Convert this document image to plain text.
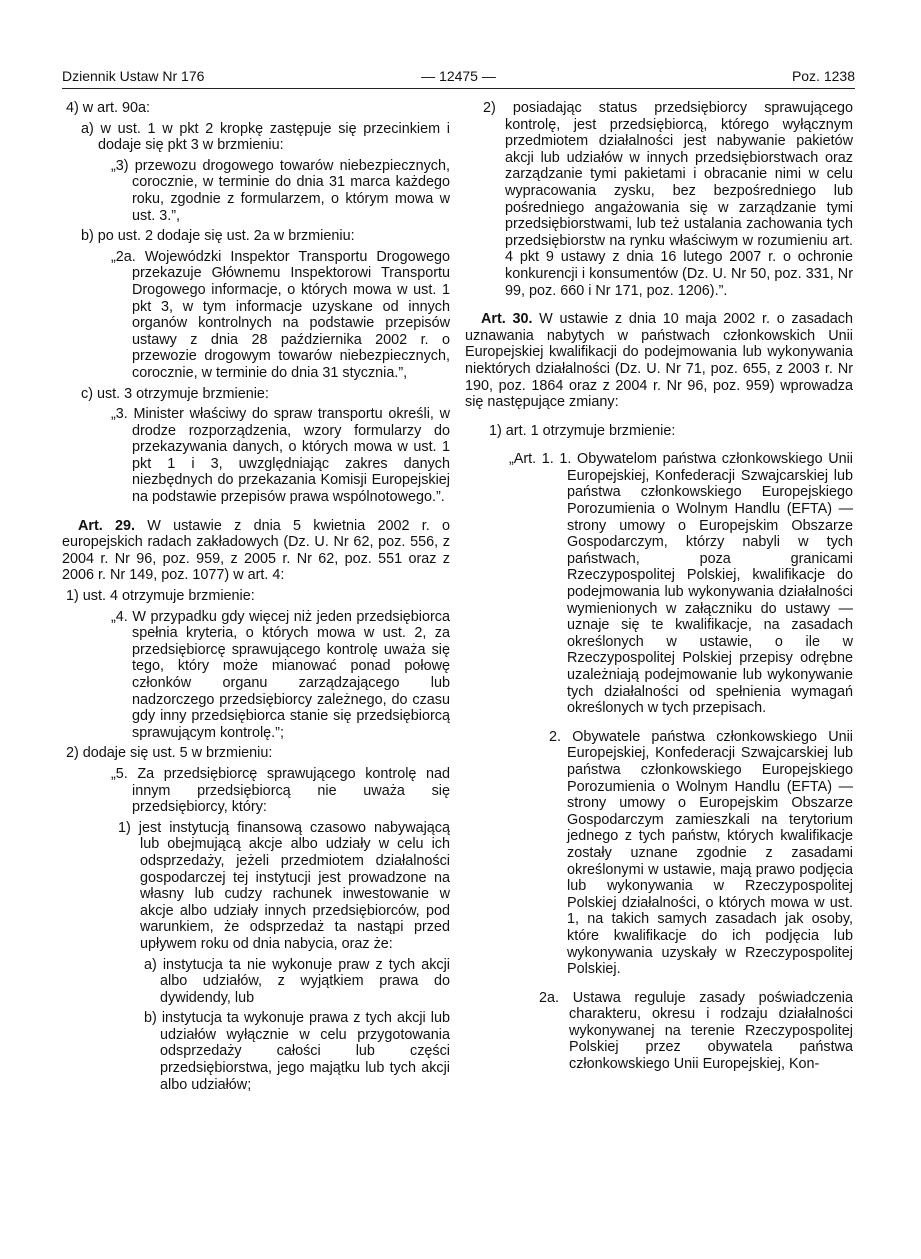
Dziennik Ustaw Nr 176	— 12475 —	Poz. 1238

4) w art. 90a:

a) w ust. 1 w pkt 2 kropkę zastępuje się przecinkiem i dodaje się pkt 3 w brzmieniu:

„3) przewozu drogowego towarów niebezpiecznych, corocznie, w terminie do dnia 31 marca każdego roku, zgodnie z formularzem, o którym mowa w ust. 3.”,

b) po ust. 2 dodaje się ust. 2a w brzmieniu:

„2a. Wojewódzki Inspektor Transportu Drogowego przekazuje Głównemu Inspektorowi Transportu Drogowego informacje, o których mowa w ust. 1 pkt 3, w tym informacje uzyskane od innych organów kontrolnych na podstawie przepisów ustawy z dnia 28 października 2002 r. o przewozie drogowym towarów niebezpiecznych, corocznie, w terminie do dnia 31 stycznia.”,

c) ust. 3 otrzymuje brzmienie:

„3. Minister właściwy do spraw transportu określi, w drodze rozporządzenia, wzory formularzy do przekazywania danych, o których mowa w ust. 1 pkt 1 i 3, uwzględniając zakres danych niezbędnych do przekazania Komisji Europejskiej na podstawie przepisów prawa wspólnotowego.”.

Art. 29. W ustawie z dnia 5 kwietnia 2002 r. o europejskich radach zakładowych (Dz. U. Nr 62, poz. 556, z 2004 r. Nr 96, poz. 959, z 2005 r. Nr 62, poz. 551 oraz z 2006 r. Nr 149, poz. 1077) w art. 4:

1) ust. 4 otrzymuje brzmienie:

„4. W przypadku gdy więcej niż jeden przedsiębiorca spełnia kryteria, o których mowa w ust. 2, za przedsiębiorcę sprawującego kontrolę uważa się tego, który może mianować ponad połowę członków organu zarządzającego lub nadzorczego przedsiębiorcy zależnego, do czasu gdy inny przedsiębiorca stanie się przedsiębiorcą sprawującym kontrolę.”;

2) dodaje się ust. 5 w brzmieniu:

„5. Za przedsiębiorcę sprawującego kontrolę nad innym przedsiębiorcą nie uważa się przedsiębiorcy, który:

1) jest instytucją finansową czasowo nabywającą lub obejmującą akcje albo udziały w celu ich odsprzedaży, jeżeli przedmiotem działalności gospodarczej tej instytucji jest prowadzone na własny lub cudzy rachunek inwestowanie w akcje albo udziały innych przedsiębiorców, pod warunkiem, że odsprzedaż ta nastąpi przed upływem roku od dnia nabycia, oraz że:

a) instytucja ta nie wykonuje praw z tych akcji albo udziałów, z wyjątkiem prawa do dywidendy, lub

b) instytucja ta wykonuje prawa z tych akcji lub udziałów wyłącznie w celu przygotowania odsprzedaży całości lub części przedsiębiorstwa, jego majątku lub tych akcji albo udziałów;

2) posiadając status przedsiębiorcy sprawującego kontrolę, jest przedsiębiorcą, którego wyłącznym przedmiotem działalności jest nabywanie pakietów akcji lub udziałów w innych przedsiębiorstwach oraz zarządzanie tymi pakietami i obracanie nimi w celu wypracowania zysku, bez bezpośredniego lub pośredniego angażowania się w zarządzanie tymi przedsiębiorstwami, lub też ustalania zachowania tych przedsiębiorstw na rynku właściwym w rozumieniu art. 4 pkt 9 ustawy z dnia 16 lutego 2007 r. o ochronie konkurencji i konsumentów (Dz. U. Nr 50, poz. 331, Nr 99, poz. 660 i Nr 171, poz. 1206).”.

Art. 30. W ustawie z dnia 10 maja 2002 r. o zasadach uznawania nabytych w państwach członkowskich Unii Europejskiej kwalifikacji do podejmowania lub wykonywania niektórych działalności (Dz. U. Nr 71, poz. 655, z 2003 r. Nr 190, poz. 1864 oraz z 2004 r. Nr 96, poz. 959) wprowadza się następujące zmiany:

1) art. 1 otrzymuje brzmienie:

„Art. 1. 1. Obywatelom państwa członkowskiego Unii Europejskiej, Konfederacji Szwajcarskiej lub państwa członkowskiego Europejskiego Porozumienia o Wolnym Handlu (EFTA) — strony umowy o Europejskim Obszarze Gospodarczym, którzy nabyli w tych państwach, poza granicami Rzeczypospolitej Polskiej, kwalifikacje do podejmowania lub wykonywania działalności wymienionych w załączniku do ustawy — uznaje się te kwalifikacje, na zasadach określonych w ustawie, o ile w Rzeczypospolitej Polskiej przepisy odrębne uzależniają podejmowanie lub wykonywanie tych działalności od spełnienia wymagań określonych w tych przepisach.

2. Obywatele państwa członkowskiego Unii Europejskiej, Konfederacji Szwajcarskiej lub państwa członkowskiego Europejskiego Porozumienia o Wolnym Handlu (EFTA) — strony umowy o Europejskim Obszarze Gospodarczym zamieszkali na terytorium jednego z tych państw, których kwalifikacje zostały uznane zgodnie z zasadami określonymi w ustawie, mają prawo podjęcia lub wykonywania w Rzeczypospolitej Polskiej działalności, o których mowa w ust. 1, na takich samych zasadach jak osoby, które kwalifikacje do ich podjęcia lub wykonywania uzyskały w Rzeczypospolitej Polskiej.

2a. Ustawa reguluje zasady poświadczenia charakteru, okresu i rodzaju działalności wykonywanej na terenie Rzeczypospolitej Polskiej przez obywatela państwa członkowskiego Unii Europejskiej, Kon-
